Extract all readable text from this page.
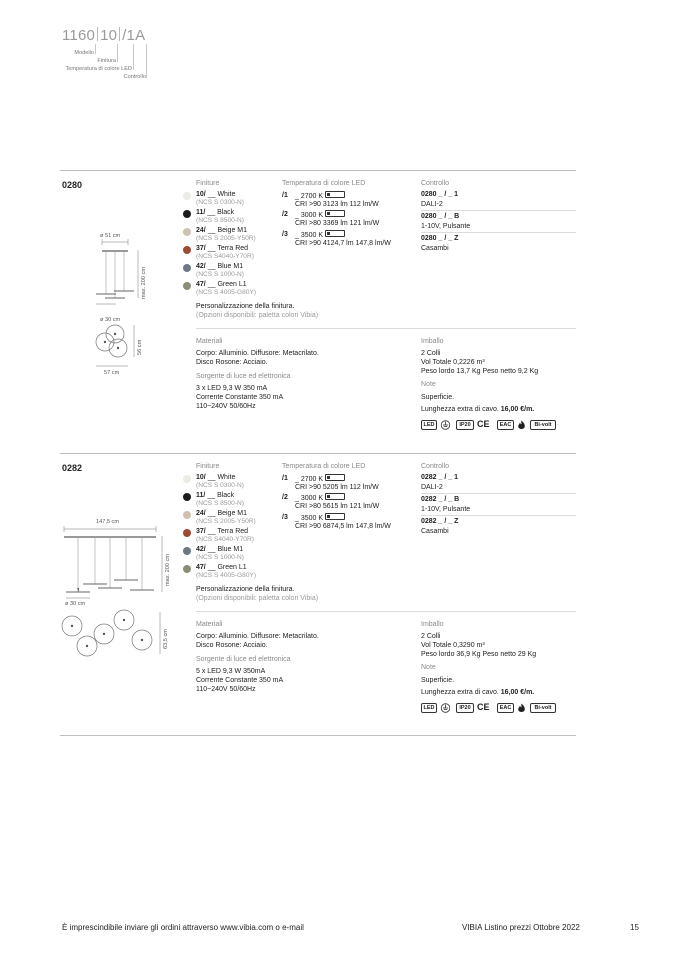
1160 10 /1A
Modello
Finitura
Temperatura di colore LED
Controllo
0280
ø 51 cm
max. 200 cm
ø 30 cm
56 cm
57 cm
Finiture
10/ __ White
(NCS S 0300-N)
11/ __ Black
(NCS S 8500-N)
24/ __ Beige M1
(NCS S 2005-Y50R)
37/ __ Terra Red
(NCS S4040-Y70R)
42/ __ Blue M1
(NCS S 1000-N)
47/ __ Green L1
(NCS S 4005-G80Y)
Personalizzazione della finitura.
(Opzioni disponibili: paletta colori Vibia)
Temperatura di colore LED
/1 _ 2700 K
CRI >90 3123 lm 112 lm/W
/2 _ 3000 K
CRI >80 3369 lm 121 lm/W
/3 _ 3500 K
CRI >90 4124,7 lm 147,8 lm/W
Controllo
0280 _ / _ 1
DALI-2
0280 _ / _ B
1-10V, Pulsante
0280 _ / _ Z
Casambi
Materiali
Corpo: Alluminio. Diffusore: Metacrilato.
Disco Rosone: Acciaio.
Sorgente di luce ed elettronica
3 x LED 9,3 W 350 mA
Corrente Constante 350 mA
110~240V 50/60Hz
Imballo
2 Colli
Vol Totale 0,2226 m³
Peso lordo 13,7 Kg Peso netto 9,2 Kg
Note
Superficie.
Lunghezza extra di cavo. 16,00 €/m.
LED	IP20 CE	EAC	Bi-volt
0282
147,5 cm
max. 200 cm
ø 30 cm
63,5 cm
Finiture
10/ __ White
(NCS S 0300-N)
11/ __ Black
(NCS S 8500-N)
24/ __ Beige M1
(NCS S 2005-Y50R)
37/ __ Terra Red
(NCS S4040-Y70R)
42/ __ Blue M1
(NCS S 1000-N)
47/ __ Green L1
(NCS S 4005-G80Y)
Personalizzazione della finitura.
(Opzioni disponibili: paletta colori Vibia)
Temperatura di colore LED
/1 _ 2700 K
CRI >90 5205 lm 112 lm/W
/2 _ 3000 K
CRI >80 5615 lm 121 lm/W
/3 _ 3500 K
CRI >90 6874,5 lm 147,8 lm/W
Controllo
0282 _ / _ 1
DALI-2
0282 _ / _ B
1-10V, Pulsante
0282 _ / _ Z
Casambi
Materiali
Corpo: Alluminio. Diffusore: Metacrilato.
Disco Rosone: Acciaio.
Sorgente di luce ed elettronica
5 x LED 9,3 W 350mA
Corrente Constante 350 mA
110~240V 50/60Hz
Imballo
2 Colli
Vol Totale 0,3290 m³
Peso lordo 36,9 Kg Peso netto 29 Kg
Note
Superficie.
Lunghezza extra di cavo. 16,00 €/m.
LED	IP20 CE	EAC	Bi-volt
È imprescindibile inviare gli ordini attraverso www.vibia.com o e-mail	VIBIA Listino prezzi Ottobre 2022	15
